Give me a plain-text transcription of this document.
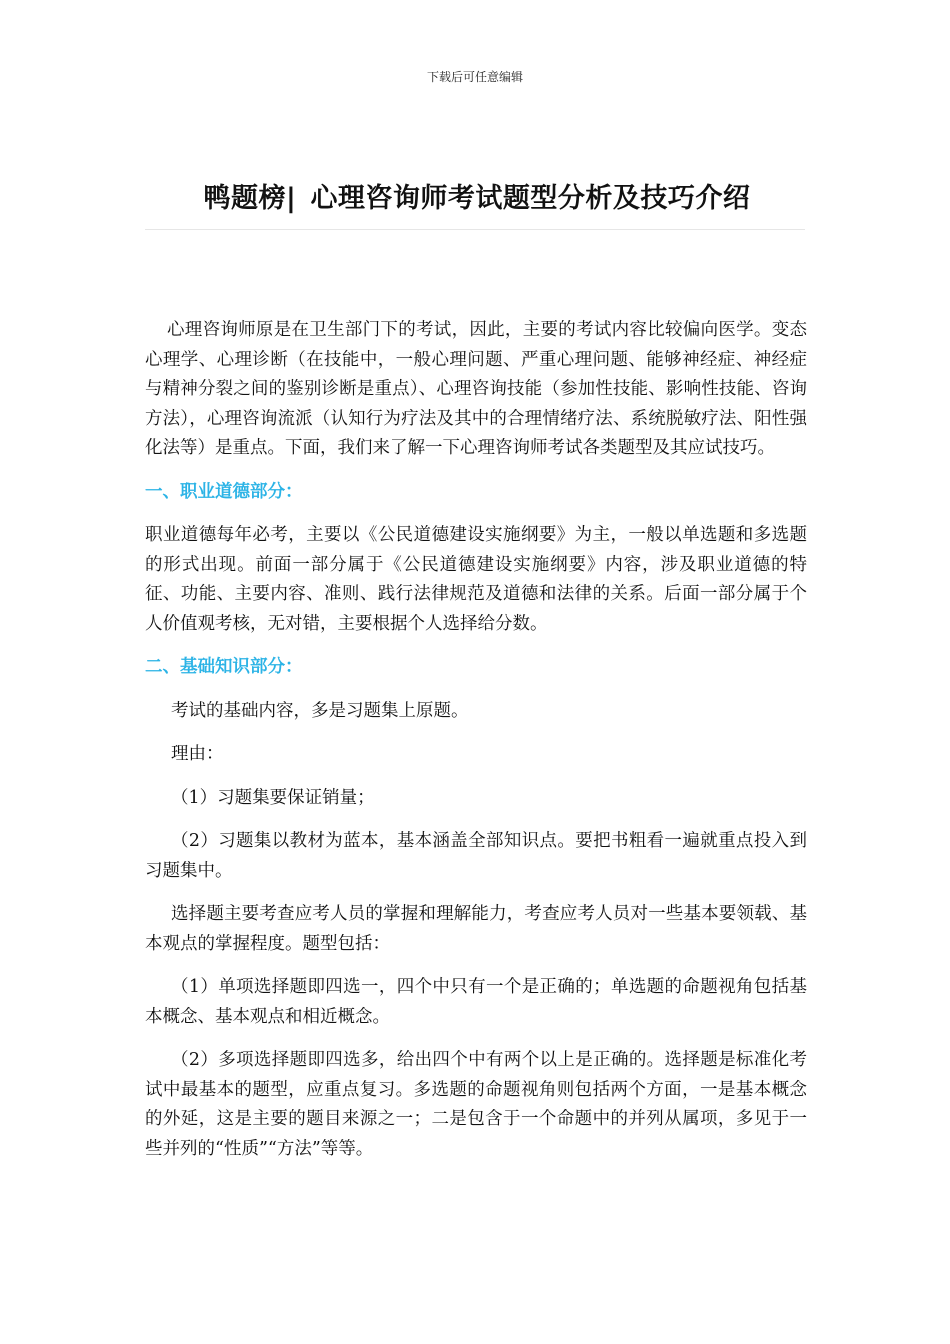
下载后可任意编辑
鸭题榜| 心理咨询师考试题型分析及技巧介绍

心理咨询师原是在卫生部门下的考试，因此，主要的考试内容比较偏向医学。变态心理学、心理诊断（在技能中，一般心理问题、严重心理问题、能够神经症、神经症与精神分裂之间的鉴别诊断是重点）、心理咨询技能（参加性技能、影响性技能、咨询方法），心理咨询流派（认知行为疗法及其中的合理情绪疗法、系统脱敏疗法、阳性强化法等）是重点。下面，我们来了解一下心理咨询师考试各类题型及其应试技巧。

一、职业道德部分：

职业道德每年必考，主要以《公民道德建设实施纲要》为主，一般以单选题和多选题的形式出现。前面一部分属于《公民道德建设实施纲要》内容，涉及职业道德的特征、功能、主要内容、准则、践行法律规范及道德和法律的关系。后面一部分属于个人价值观考核，无对错，主要根据个人选择给分数。

二、基础知识部分：

考试的基础内容，多是习题集上原题。

理由：

（1）习题集要保证销量；

（2）习题集以教材为蓝本，基本涵盖全部知识点。要把书粗看一遍就重点投入到习题集中。

选择题主要考查应考人员的掌握和理解能力，考查应考人员对一些基本要领载、基本观点的掌握程度。题型包括：

（1）单项选择题即四选一，四个中只有一个是正确的；单选题的命题视角包括基本概念、基本观点和相近概念。

（2）多项选择题即四选多，给出四个中有两个以上是正确的。选择题是标准化考试中最基本的题型，应重点复习。多选题的命题视角则包括两个方面，一是基本概念的外延，这是主要的题目来源之一；二是包含于一个命题中的并列从属项，多见于一些并列的“性质”“方法”等等。
